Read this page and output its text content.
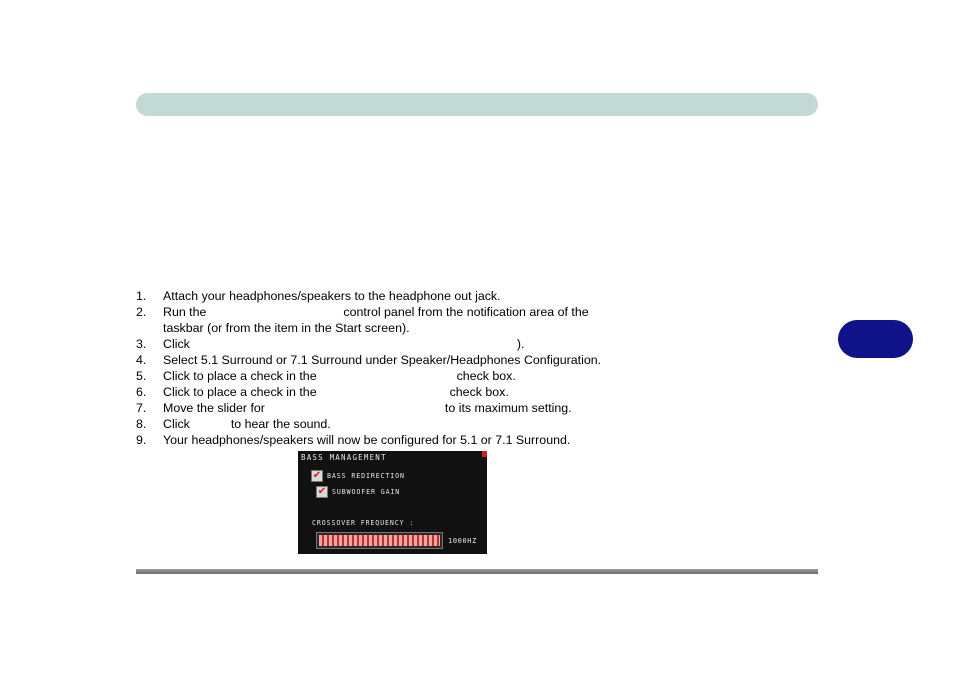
1. Attach your headphones/speakers to the headphone out jack.
2. Run the	control panel from the notification area of the
taskbar (or from the item in the Start screen).
3. Click	).
4. Select 5.1 Surround or 7.1 Surround under Speaker/Headphones Configuration.
5. Click to place a check in the	check box.
6. Click to place a check in the	check box.
7. Move the slider for	to its maximum setting.
8. Click	to hear the sound.
9. Your headphones/speakers will now be configured for 5.1 or 7.1 Surround.
BASS MANAGEMENT
✔ BASS REDIRECTION
✔ SUBWOOFER GAIN
CROSSOVER FREQUENCY :
1000HZ
